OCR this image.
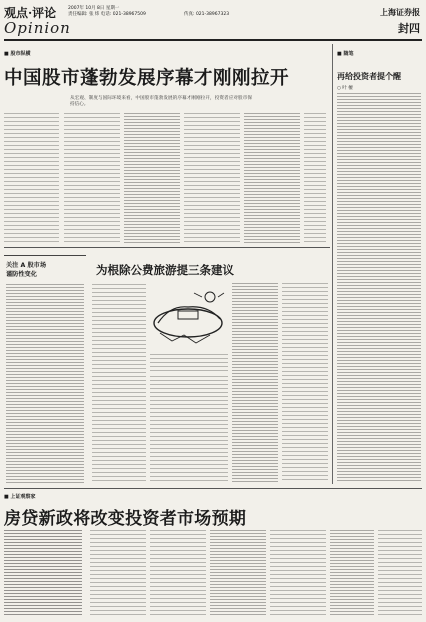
观点·评论
Opinion
2007年 10月 8日 星期一
责任编辑: 张 炜 电话: 021-38967509	传真: 021-38967323	上海证券报
封四
■ 股市纵横
中国股市蓬勃发展序幕才刚刚拉开
从宏观、制度与国际环境来看，中国股市蓬勃发展的序幕才刚刚拉开，投资者应对股市保持信心。
■ 随笔
再给投资者提个醒
○ 叶 檀
关注 A 股市场
谨防性变化	为根除公费旅游提三条建议
■ 上证观察家
房贷新政将改变投资者市场预期
